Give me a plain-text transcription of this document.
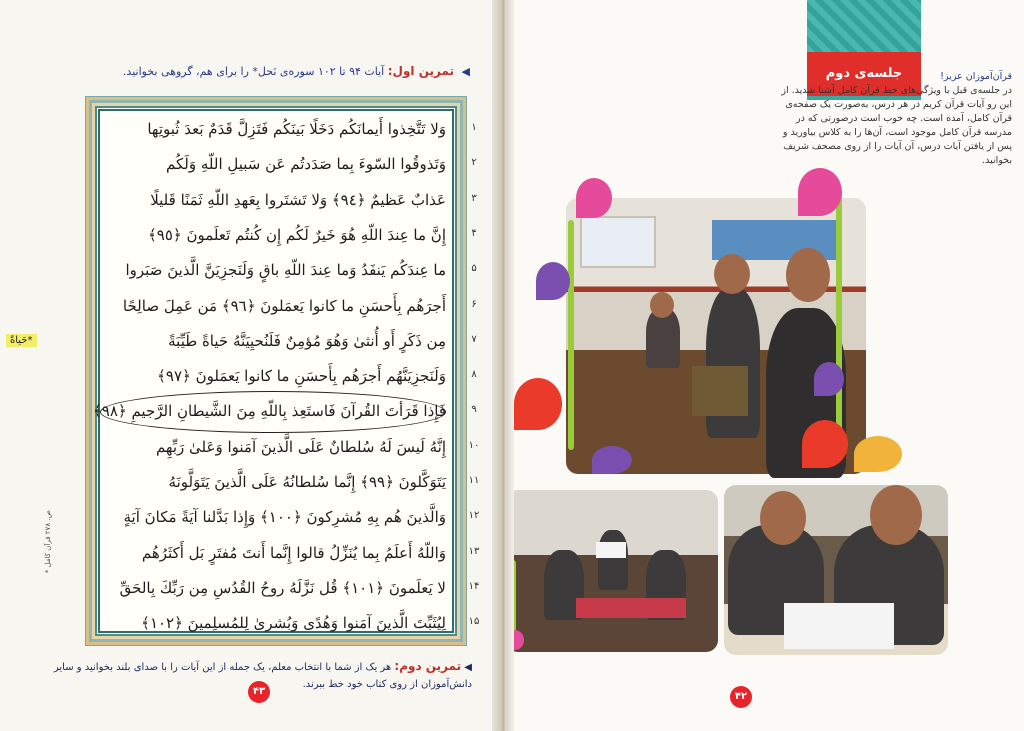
◀ تمرین اول: آیات ۹۴ تا ۱۰۲ سوره‌ی نَحل* را برای هم، گروهی بخوانید.
*حَیاةً
* ص. ۲۷۸ قرآن کامل
وَلا تَتَّخِذوا أَيمانَكُم دَخَلًا بَينَكُم فَتَزِلَّ قَدَمٌ بَعدَ ثُبوتِها
وَتَذوقُوا السّوءَ بِما صَدَدتُم عَن سَبيلِ اللّهِ وَلَكُم
عَذابٌ عَظيمٌ ﴿٩٤﴾ وَلا تَشتَروا بِعَهدِ اللّهِ ثَمَنًا قَليلًا
إِنَّ ما عِندَ اللّهِ هُوَ خَيرٌ لَكُم إِن كُنتُم تَعلَمونَ ﴿٩٥﴾
ما عِندَكُم يَنفَدُ وَما عِندَ اللّهِ باقٍ وَلَنَجزِيَنَّ الَّذينَ صَبَروا
أَجرَهُم بِأَحسَنِ ما كانوا يَعمَلونَ ﴿٩٦﴾ مَن عَمِلَ صالِحًا
مِن ذَكَرٍ أَو أُنثىٰ وَهُوَ مُؤمِنٌ فَلَنُحيِيَنَّهُ حَياةً طَيِّبَةً
وَلَنَجزِيَنَّهُم أَجرَهُم بِأَحسَنِ ما كانوا يَعمَلونَ ﴿٩٧﴾
فَإِذا قَرَأتَ القُرآنَ فَاستَعِذ بِاللّهِ مِنَ الشَّيطانِ الرَّجيمِ ﴿٩٨﴾
إِنَّهُ لَيسَ لَهُ سُلطانٌ عَلَى الَّذينَ آمَنوا وَعَلىٰ رَبِّهِم
يَتَوَكَّلونَ ﴿٩٩﴾ إِنَّما سُلطانُهُ عَلَى الَّذينَ يَتَوَلَّونَهُ
وَالَّذينَ هُم بِهِ مُشرِكونَ ﴿١٠٠﴾ وَإِذا بَدَّلنا آيَةً مَكانَ آيَةٍ
وَاللّهُ أَعلَمُ بِما يُنَزِّلُ قالوا إِنَّما أَنتَ مُفتَرٍ بَل أَكثَرُهُم
لا يَعلَمونَ ﴿١٠١﴾ قُل نَزَّلَهُ روحُ القُدُسِ مِن رَبِّكَ بِالحَقِّ
لِيُثَبِّتَ الَّذينَ آمَنوا وَهُدًى وَبُشرىٰ لِلمُسلِمينَ ﴿١٠٢﴾
۱
۲
۳
۴
۵
۶
۷
۸
۹
۱۰
۱۱
۱۲
۱۳
۱۴
۱۵
◀ تمرین دوم: هر یک از شما با انتخاب معلم، یک جمله از این آیات را با صدای بلند بخوانید و سایر دانش‌آموزان از روی کتاب خود خط ببرند.
۴۳
جلسه‌ی دوم	قرآن‌آموزان عزیز!
در جلسه‌ی قبل با ویژگی‌های خط قرآن کامل آشنا شدید. از این رو آیات قرآن کریم در هر درس، به‌صورت یک صفحه‌ی قرآن کامل، آمده است. چه خوب است درصورتی که در مدرسه قرآن کامل موجود است، آن‌ها را به کلاس بیاورید و پس از یافتن آیات درس، آن آیات را از روی مصحف شریف بخوانید.
۴۲
